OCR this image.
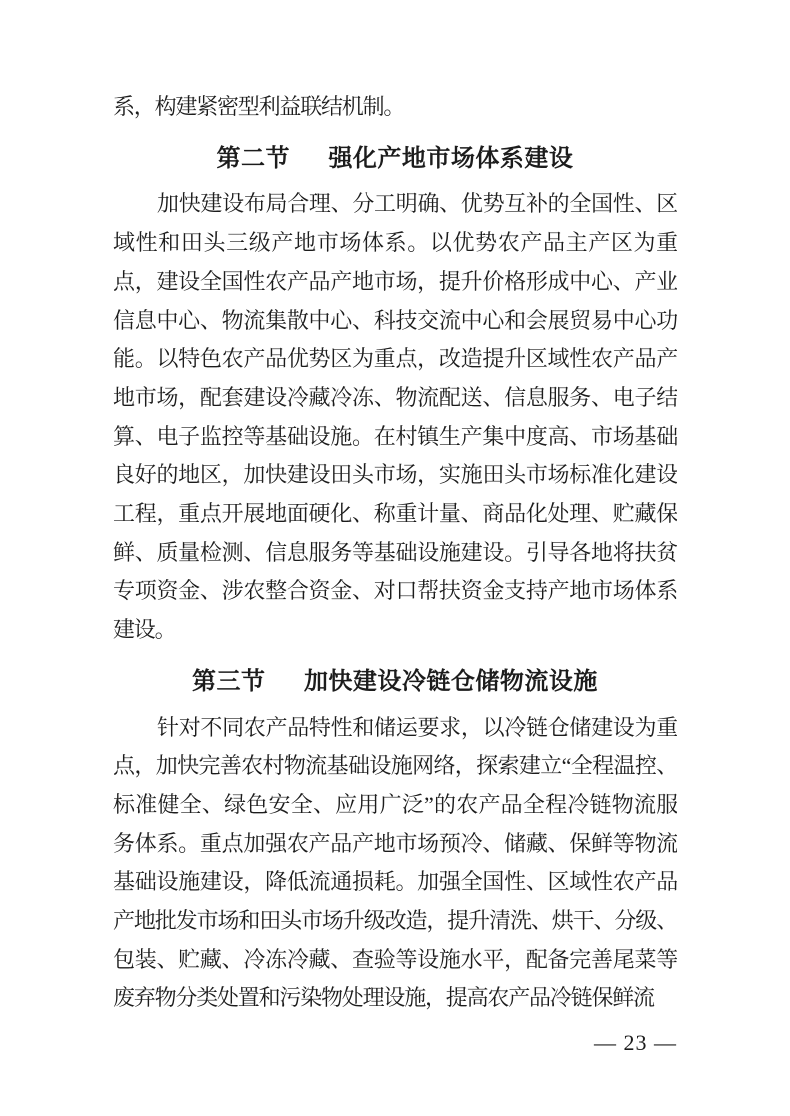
系，构建紧密型利益联结机制。
第二节 强化产地市场体系建设
加快建设布局合理、分工明确、优势互补的全国性、区
域性和田头三级产地市场体系。以优势农产品主产区为重
点，建设全国性农产品产地市场，提升价格形成中心、产业
信息中心、物流集散中心、科技交流中心和会展贸易中心功
能。以特色农产品优势区为重点，改造提升区域性农产品产
地市场，配套建设冷藏冷冻、物流配送、信息服务、电子结
算、电子监控等基础设施。在村镇生产集中度高、市场基础
良好的地区，加快建设田头市场，实施田头市场标准化建设
工程，重点开展地面硬化、称重计量、商品化处理、贮藏保
鲜、质量检测、信息服务等基础设施建设。引导各地将扶贫
专项资金、涉农整合资金、对口帮扶资金支持产地市场体系
建设。
第三节 加快建设冷链仓储物流设施
针对不同农产品特性和储运要求，以冷链仓储建设为重
点，加快完善农村物流基础设施网络，探索建立“全程温控、
标准健全、绿色安全、应用广泛”的农产品全程冷链物流服
务体系。重点加强农产品产地市场预冷、储藏、保鲜等物流
基础设施建设，降低流通损耗。加强全国性、区域性农产品
产地批发市场和田头市场升级改造，提升清洗、烘干、分级、
包装、贮藏、冷冻冷藏、查验等设施水平，配备完善尾菜等
废弃物分类处置和污染物处理设施，提高农产品冷链保鲜流
— 23 —
